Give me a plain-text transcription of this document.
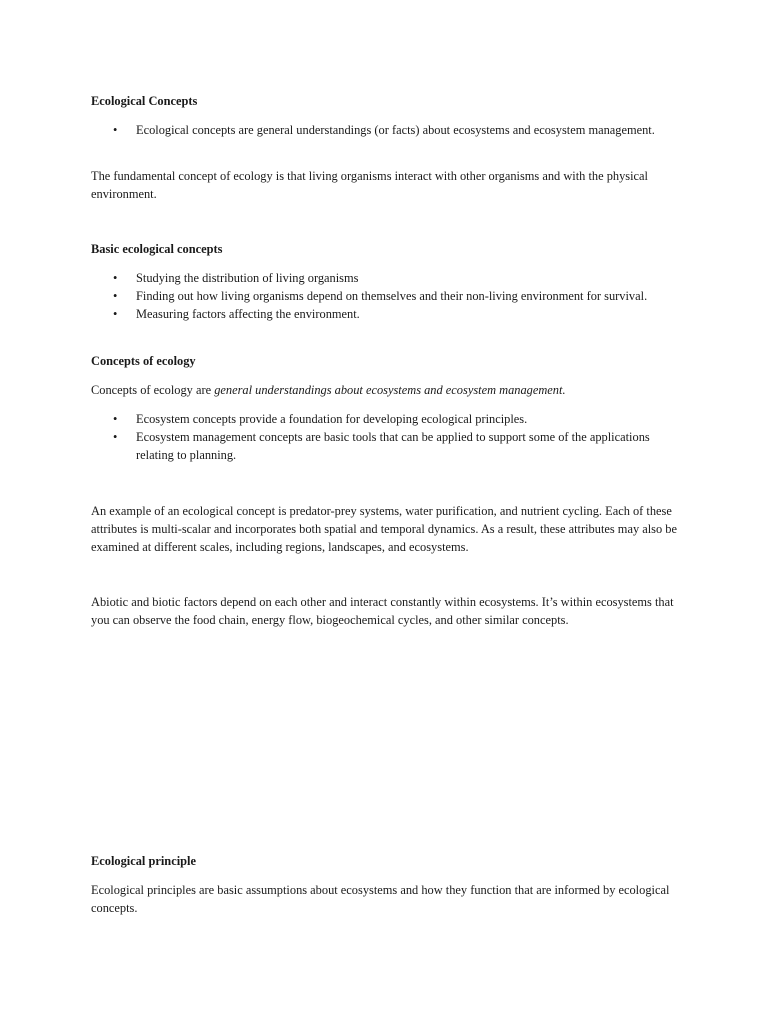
Ecological Concepts
• Ecological concepts are general understandings (or facts) about ecosystems and ecosystem management.

The fundamental concept of ecology is that living organisms interact with other organisms and with the physical environment.

Basic ecological concepts
• Studying the distribution of living organisms
• Finding out how living organisms depend on themselves and their non-living environment for survival.
• Measuring factors affecting the environment.
Concepts of ecology

Concepts of ecology are general understandings about ecosystems and ecosystem management.

• Ecosystem concepts provide a foundation for developing ecological principles.
• Ecosystem management concepts are basic tools that can be applied to support some of the applications relating to planning.

An example of an ecological concept is predator-prey systems, water purification, and nutrient cycling. Each of these attributes is multi-scalar and incorporates both spatial and temporal dynamics. As a result, these attributes may also be examined at different scales, including regions, landscapes, and ecosystems.

Abiotic and biotic factors depend on each other and interact constantly within ecosystems. It’s within ecosystems that you can observe the food chain, energy flow, biogeochemical cycles, and other similar concepts.

Ecological principle

Ecological principles are basic assumptions about ecosystems and how they function that are informed by ecological concepts.
